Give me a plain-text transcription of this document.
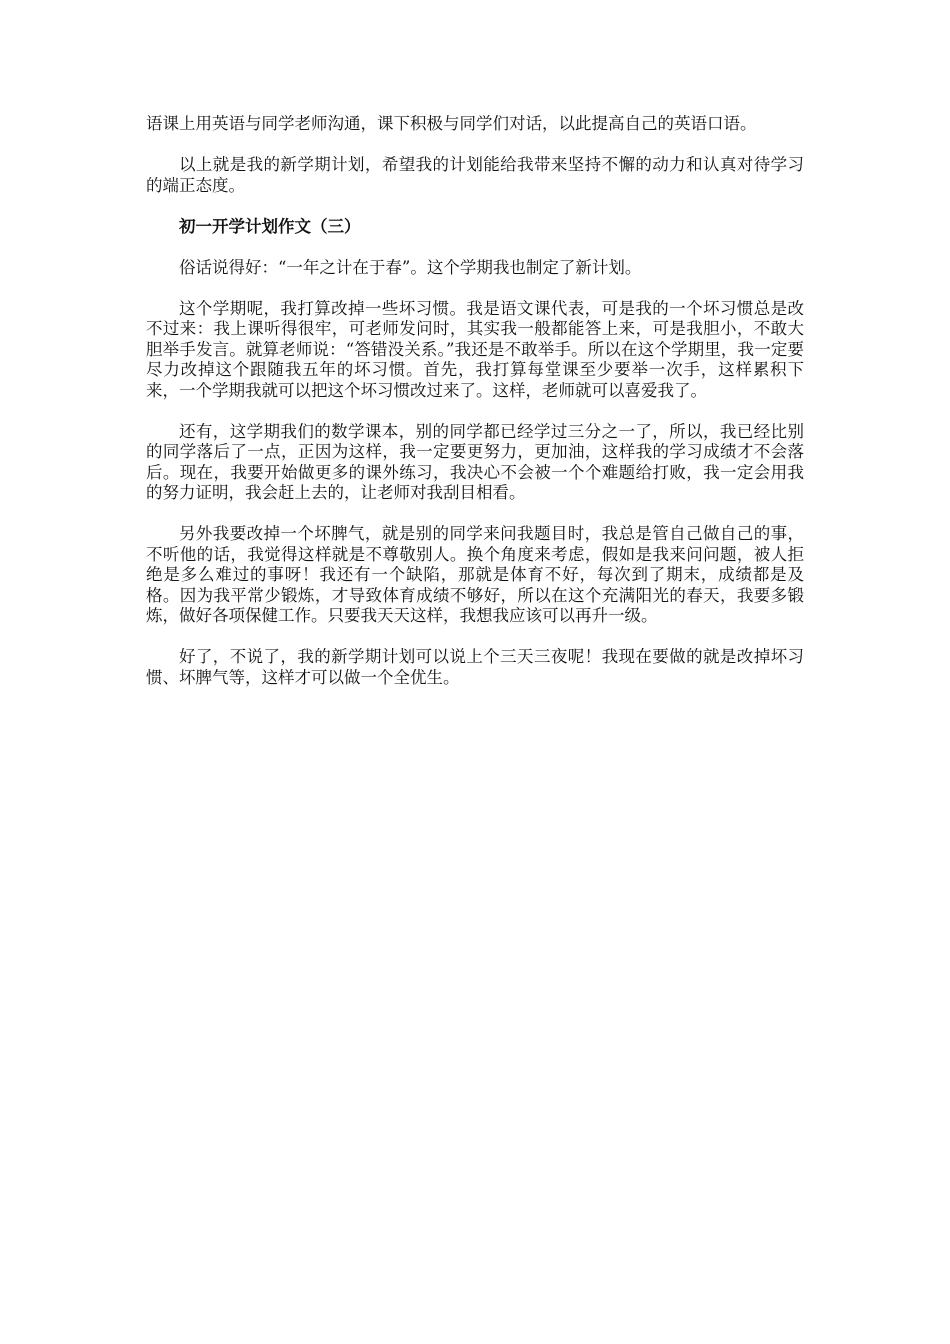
语课上用英语与同学老师沟通，课下积极与同学们对话，以此提高自己的英语口语。

以上就是我的新学期计划，希望我的计划能给我带来坚持不懈的动力和认真对待学习的端正态度。

初一开学计划作文（三）

俗话说得好：“一年之计在于春”。这个学期我也制定了新计划。

这个学期呢，我打算改掉一些坏习惯。我是语文课代表，可是我的一个坏习惯总是改不过来：我上课听得很牢，可老师发问时，其实我一般都能答上来，可是我胆小，不敢大胆举手发言。就算老师说：“答错没关系。”我还是不敢举手。所以在这个学期里，我一定要尽力改掉这个跟随我五年的坏习惯。首先，我打算每堂课至少要举一次手，这样累积下来，一个学期我就可以把这个坏习惯改过来了。这样，老师就可以喜爱我了。

还有，这学期我们的数学课本，别的同学都已经学过三分之一了，所以，我已经比别的同学落后了一点，正因为这样，我一定要更努力，更加油，这样我的学习成绩才不会落后。现在，我要开始做更多的课外练习，我决心不会被一个个难题给打败，我一定会用我的努力证明，我会赶上去的，让老师对我刮目相看。

另外我要改掉一个坏脾气，就是别的同学来问我题目时，我总是管自己做自己的事，不听他的话，我觉得这样就是不尊敬别人。换个角度来考虑，假如是我来问问题，被人拒绝是多么难过的事呀！我还有一个缺陷，那就是体育不好，每次到了期末，成绩都是及格。因为我平常少锻炼，才导致体育成绩不够好，所以在这个充满阳光的春天，我要多锻炼，做好各项保健工作。只要我天天这样，我想我应该可以再升一级。

好了，不说了，我的新学期计划可以说上个三天三夜呢！我现在要做的就是改掉坏习惯、坏脾气等，这样才可以做一个全优生。
